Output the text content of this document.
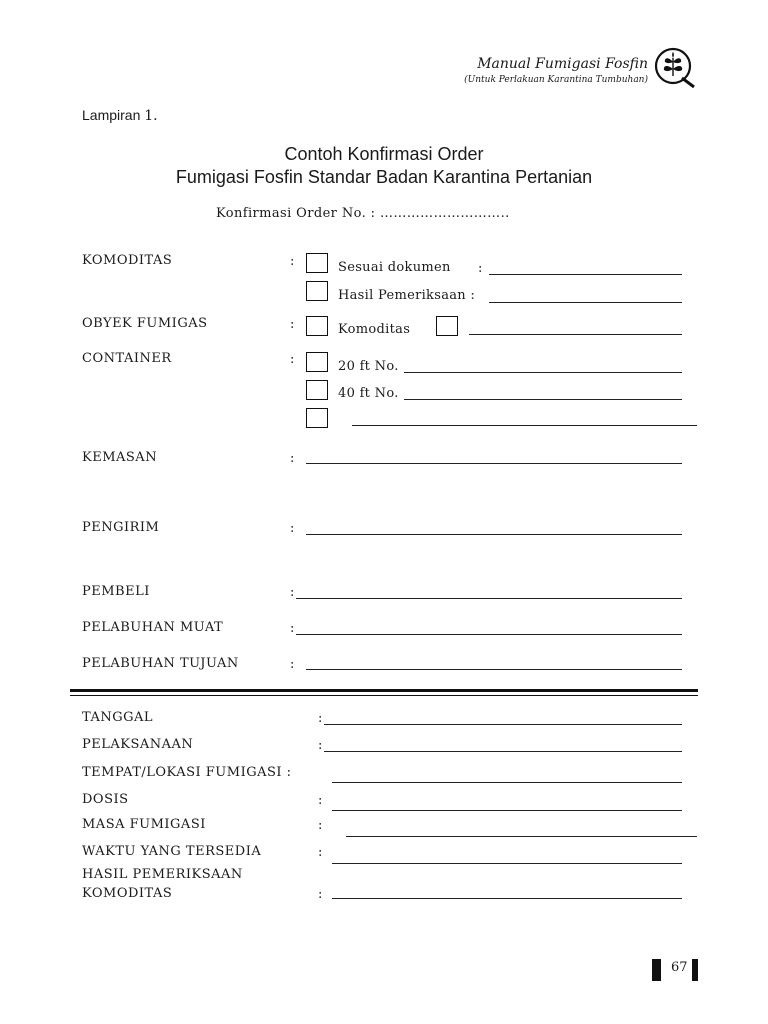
Manual Fumigasi Fosfin
(Untuk Perlakuan Karantina Tumbuhan)
Lampiran 1.
Contoh Konfirmasi Order
Fumigasi Fosfin Standar Badan Karantina Pertanian
Konfirmasi Order No. : ………………………..
KOMODITAS	:	Sesuai dokumen :
Hasil Pemeriksaan :
OBYEK FUMIGAS	:	Komoditas
CONTAINER	:	20 ft No.
40 ft No.
KEMASAN	:
PENGIRIM	:
PEMBELI	:
PELABUHAN MUAT	:
PELABUHAN TUJUAN	:
TANGGAL	:
PELAKSANAAN	:
TEMPAT/LOKASI FUMIGASI :
DOSIS	:
MASA FUMIGASI	:
WAKTU YANG TERSEDIA	:
HASIL PEMERIKSAAN
KOMODITAS	:
67
